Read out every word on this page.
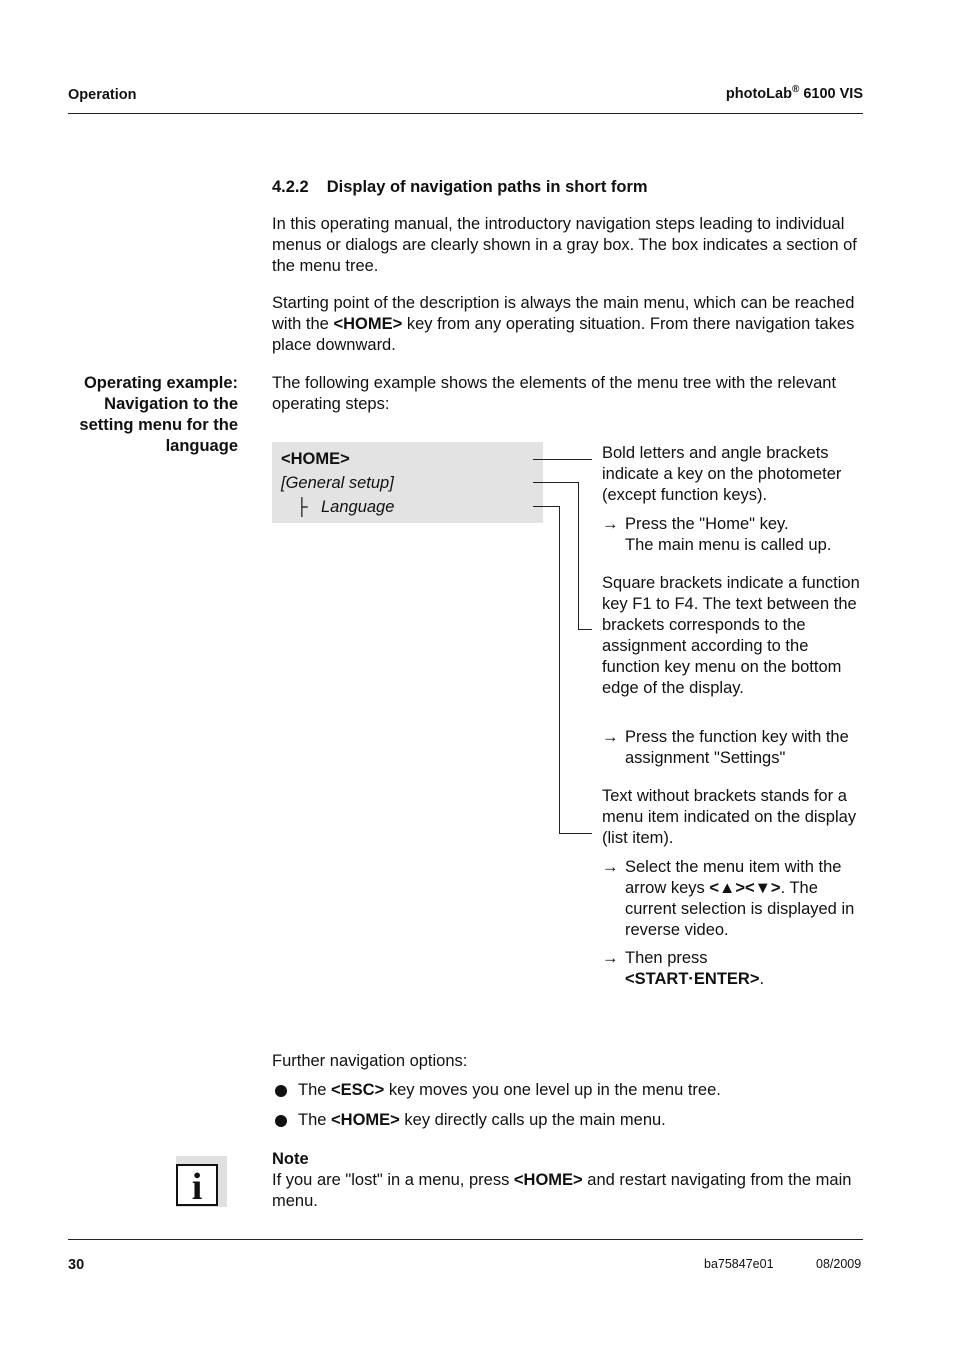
Operation	photoLab® 6100 VIS
4.2.2 Display of navigation paths in short form

In this operating manual, the introductory navigation steps leading to individual menus or dialogs are clearly shown in a gray box. The box indicates a section of the menu tree.

Starting point of the description is always the main menu, which can be reached with the <HOME> key from any operating situation. From there navigation takes place downward.

Operating example: Navigation to the setting menu for the language

The following example shows the elements of the menu tree with the relevant operating steps:

<HOME>
[General setup]
├ Language

Bold letters and angle brackets indicate a key on the photometer (except function keys).

→ Press the "Home" key.
The main menu is called up.

Square brackets indicate a function key F1 to F4. The text between the brackets corresponds to the assignment according to the function key menu on the bottom edge of the display.

→ Press the function key with the assignment "Settings"

Text without brackets stands for a menu item indicated on the display (list item).

→ Select the menu item with the arrow keys <▲><▼>. The current selection is displayed in reverse video.
→ Then press
<START·ENTER>.

Further navigation options:

The <ESC> key moves you one level up in the menu tree.
The <HOME> key directly calls up the main menu.
i

Note

If you are "lost" in a menu, press <HOME> and restart navigating from the main menu.

30	ba75847e01	08/2009
